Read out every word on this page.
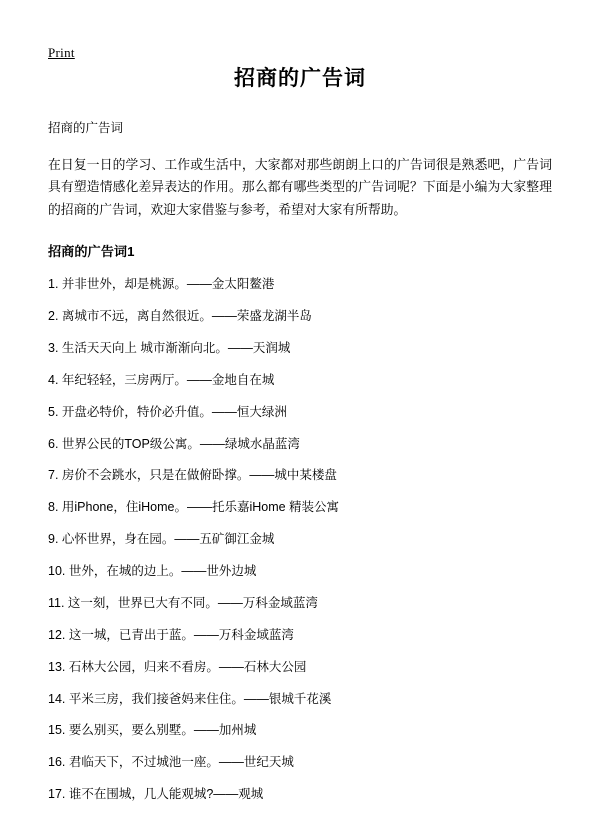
Print
招商的广告词

招商的广告词

在日复一日的学习、工作或生活中，大家都对那些朗朗上口的广告词很是熟悉吧，广告词具有塑造情感化差异表达的作用。那么都有哪些类型的广告词呢？下面是小编为大家整理的招商的广告词，欢迎大家借鉴与参考，希望对大家有所帮助。

招商的广告词1
1. 并非世外，却是桃源。——金太阳鳌港
2. 离城市不远，离自然很近。——荣盛龙湖半岛
3. 生活天天向上 城市渐渐向北。——天润城
4. 年纪轻轻，三房两厅。——金地自在城
5. 开盘必特价，特价必升值。——恒大绿洲
6. 世界公民的TOP级公寓。——绿城水晶蓝湾
7. 房价不会跳水，只是在做俯卧撑。——城中某楼盘
8. 用iPhone，住iHome。——托乐嘉iHome 精装公寓
9. 心怀世界，身在园。——五矿御江金城
10. 世外，在城的边上。——世外边城
11. 这一刻，世界已大有不同。——万科金域蓝湾
12. 这一城，已青出于蓝。——万科金域蓝湾
13. 石林大公园，归来不看房。——石林大公园
14. 平米三房，我们接爸妈来住住。——银城千花溪
15. 要么别买，要么别墅。——加州城
16. 君临天下，不过城池一座。——世纪天城
17. 谁不在围城，几人能观城?——观城
